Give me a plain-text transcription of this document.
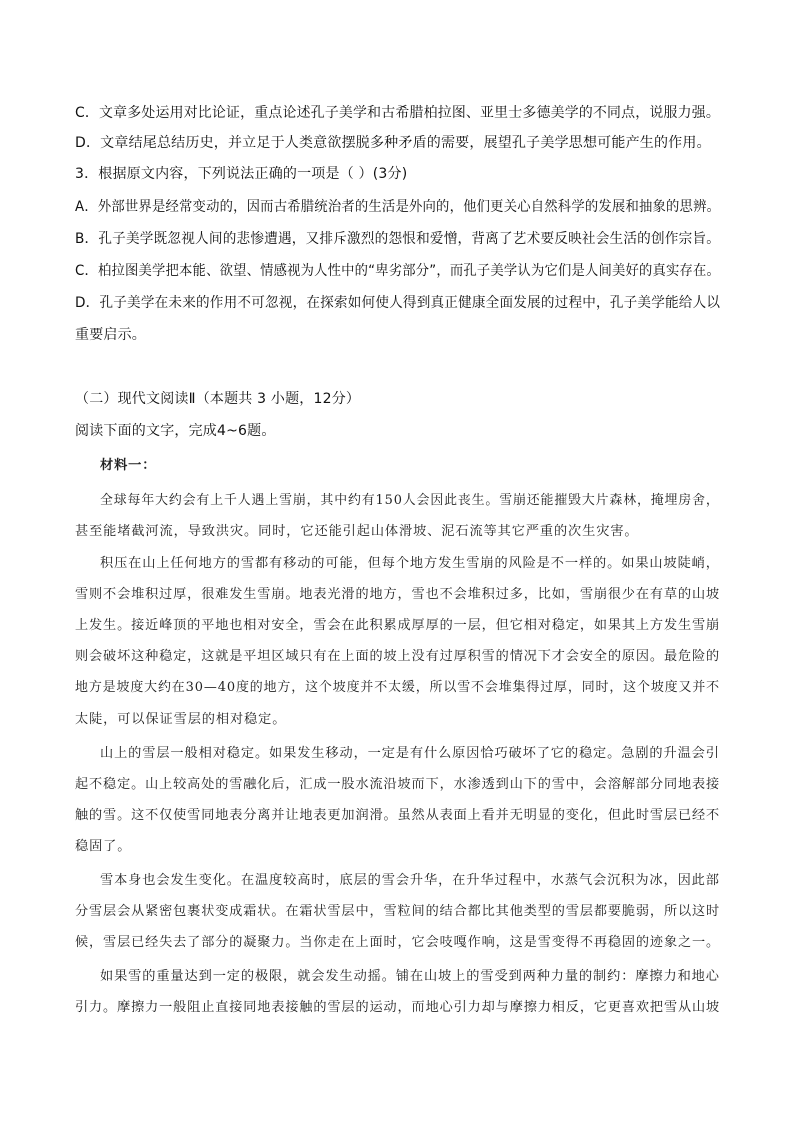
C．文章多处运用对比论证，重点论述孔子美学和古希腊柏拉图、亚里士多德美学的不同点，说服力强。

D．文章结尾总结历史，并立足于人类意欲摆脱多种矛盾的需要，展望孔子美学思想可能产生的作用。

3．根据原文内容，下列说法正确的一项是（ ）(3分)

A．外部世界是经常变动的，因而古希腊统治者的生活是外向的，他们更关心自然科学的发展和抽象的思辨。

B．孔子美学既忽视人间的悲惨遭遇，又排斥激烈的怨恨和爱憎，背离了艺术要反映社会生活的创作宗旨。

C．柏拉图美学把本能、欲望、情感视为人性中的“卑劣部分”，而孔子美学认为它们是人间美好的真实存在。

D．孔子美学在未来的作用不可忽视，在探索如何使人得到真正健康全面发展的过程中，孔子美学能给人以

重要启示。

（二）现代文阅读Ⅱ（本题共 3 小题，12分）

阅读下面的文字，完成4~6题。

材料一：

全球每年大约会有上千人遇上雪崩，其中约有150人会因此丧生。雪崩还能摧毁大片森林，掩埋房舍，

甚至能堵截河流，导致洪灾。同时，它还能引起山体滑坡、泥石流等其它严重的次生灾害。

积压在山上任何地方的雪都有移动的可能，但每个地方发生雪崩的风险是不一样的。如果山坡陡峭，

雪则不会堆积过厚，很难发生雪崩。地表光滑的地方，雪也不会堆积过多，比如，雪崩很少在有草的山坡

上发生。接近峰顶的平地也相对安全，雪会在此积累成厚厚的一层，但它相对稳定，如果其上方发生雪崩

则会破坏这种稳定，这就是平坦区域只有在上面的坡上没有过厚积雪的情况下才会安全的原因。最危险的

地方是坡度大约在30—40度的地方，这个坡度并不太缓，所以雪不会堆集得过厚，同时，这个坡度又并不

太陡，可以保证雪层的相对稳定。

山上的雪层一般相对稳定。如果发生移动，一定是有什么原因恰巧破坏了它的稳定。急剧的升温会引

起不稳定。山上较高处的雪融化后，汇成一股水流沿坡而下，水渗透到山下的雪中，会溶解部分同地表接

触的雪。这不仅使雪同地表分离并让地表更加润滑。虽然从表面上看并无明显的变化，但此时雪层已经不

稳固了。

雪本身也会发生变化。在温度较高时，底层的雪会升华，在升华过程中，水蒸气会沉积为冰，因此部

分雪层会从紧密包裹状变成霜状。在霜状雪层中，雪粒间的结合都比其他类型的雪层都要脆弱，所以这时

候，雪层已经失去了部分的凝聚力。当你走在上面时，它会吱嘎作响，这是雪变得不再稳固的迹象之一。

如果雪的重量达到一定的极限，就会发生动摇。铺在山坡上的雪受到两种力量的制约：摩擦力和地心

引力。摩擦力一般阻止直接同地表接触的雪层的运动，而地心引力却与摩擦力相反，它更喜欢把雪从山坡
